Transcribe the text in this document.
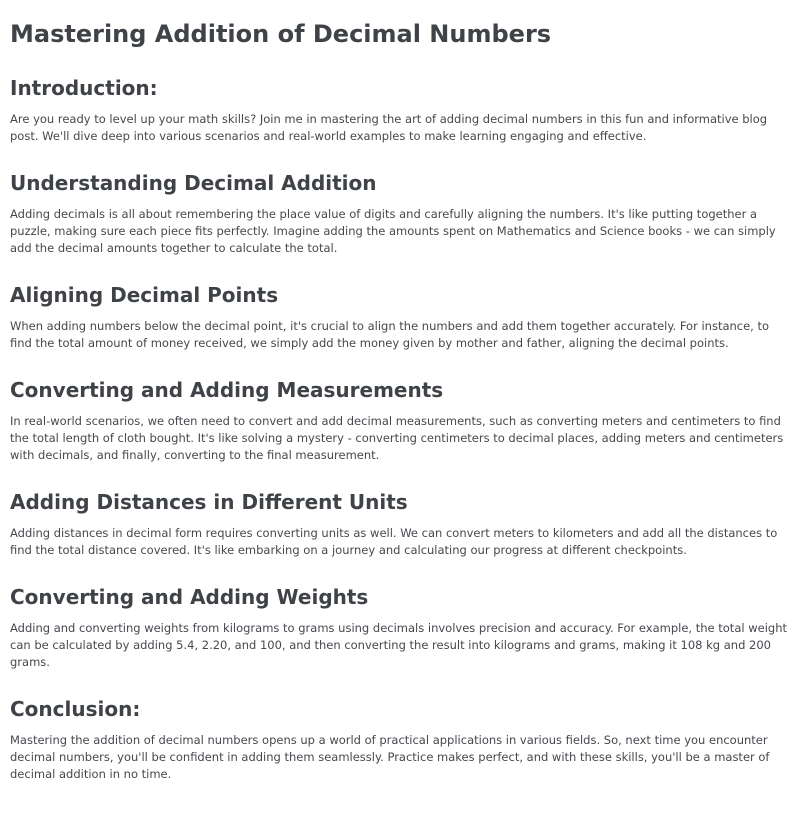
Mastering Addition of Decimal Numbers
Introduction:

Are you ready to level up your math skills? Join me in mastering the art of adding decimal numbers in this fun and informative blog post. We'll dive deep into various scenarios and real-world examples to make learning engaging and effective.

Understanding Decimal Addition

Adding decimals is all about remembering the place value of digits and carefully aligning the numbers. It's like putting together a puzzle, making sure each piece fits perfectly. Imagine adding the amounts spent on Mathematics and Science books - we can simply add the decimal amounts together to calculate the total.

Aligning Decimal Points

When adding numbers below the decimal point, it's crucial to align the numbers and add them together accurately. For instance, to find the total amount of money received, we simply add the money given by mother and father, aligning the decimal points.

Converting and Adding Measurements

In real-world scenarios, we often need to convert and add decimal measurements, such as converting meters and centimeters to find the total length of cloth bought. It's like solving a mystery - converting centimeters to decimal places, adding meters and centimeters with decimals, and finally, converting to the final measurement.

Adding Distances in Different Units

Adding distances in decimal form requires converting units as well. We can convert meters to kilometers and add all the distances to find the total distance covered. It's like embarking on a journey and calculating our progress at different checkpoints.

Converting and Adding Weights

Adding and converting weights from kilograms to grams using decimals involves precision and accuracy. For example, the total weight can be calculated by adding 5.4, 2.20, and 100, and then converting the result into kilograms and grams, making it 108 kg and 200 grams.

Conclusion:

Mastering the addition of decimal numbers opens up a world of practical applications in various fields. So, next time you encounter decimal numbers, you'll be confident in adding them seamlessly. Practice makes perfect, and with these skills, you'll be a master of decimal addition in no time.
